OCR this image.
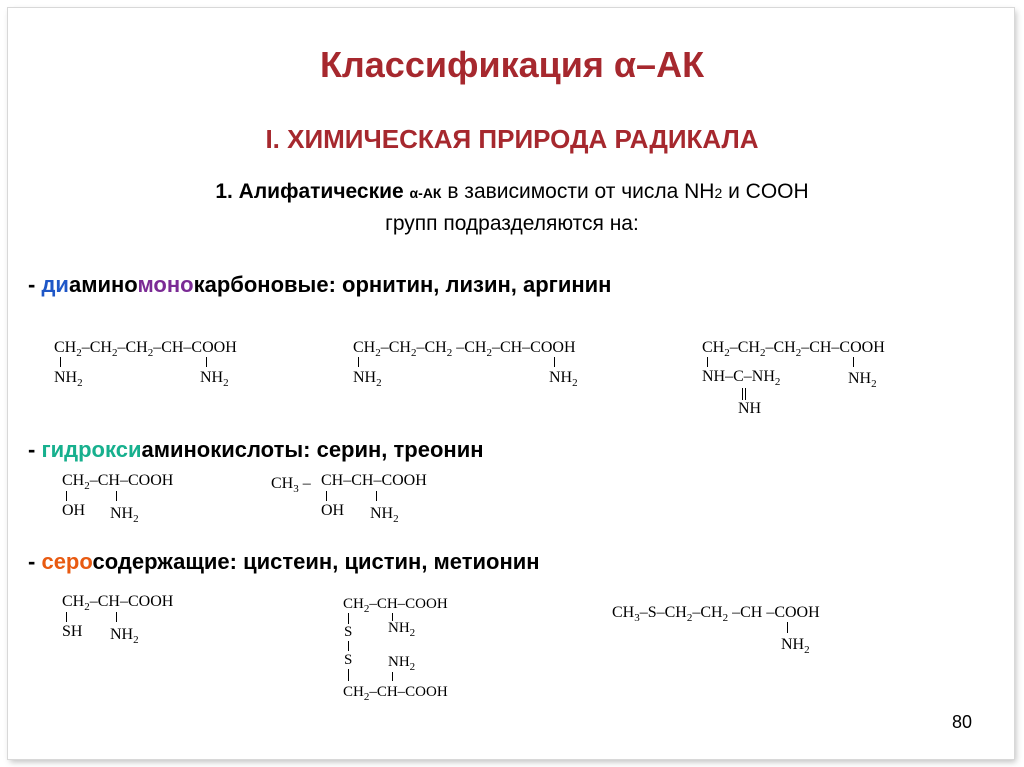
Классификация α–АК
I. ХИМИЧЕСКАЯ ПРИРОДА РАДИКАЛА
1. Алифатические α-АК в зависимости от числа NH2 и COOH
групп подразделяются на:
- диаминомонокарбоновые: орнитин, лизин, аргинин
$CH_2-CH_2-CH_2-CH$–COOH
$NH_2$	$NH_2$
$CH_2-CH_2-CH_2$ $-CH_2-CH$–COOH
$NH_2$	$NH_2$
$CH_2-CH_2-CH_2-CH$–COOH
$NH-C-NH_2$	$NH_2$
NH
- гидроксиаминокислоты: серин, треонин
$CH_2-CH$–COOH
OH $NH_2$
$CH_3$ – CH–CH–COOH
OH $NH_2$
- серосодержащие: цистеин, цистин, метионин
$CH_2-CH$–COOH
SH $NH_2$
$CH_2-CH$–COOH
$NH_2$
S
S $NH_2$
$CH_2-CH$–COOH
$CH_3-S-CH_2-CH_2$ –CH –COOH
$NH_2$
80
